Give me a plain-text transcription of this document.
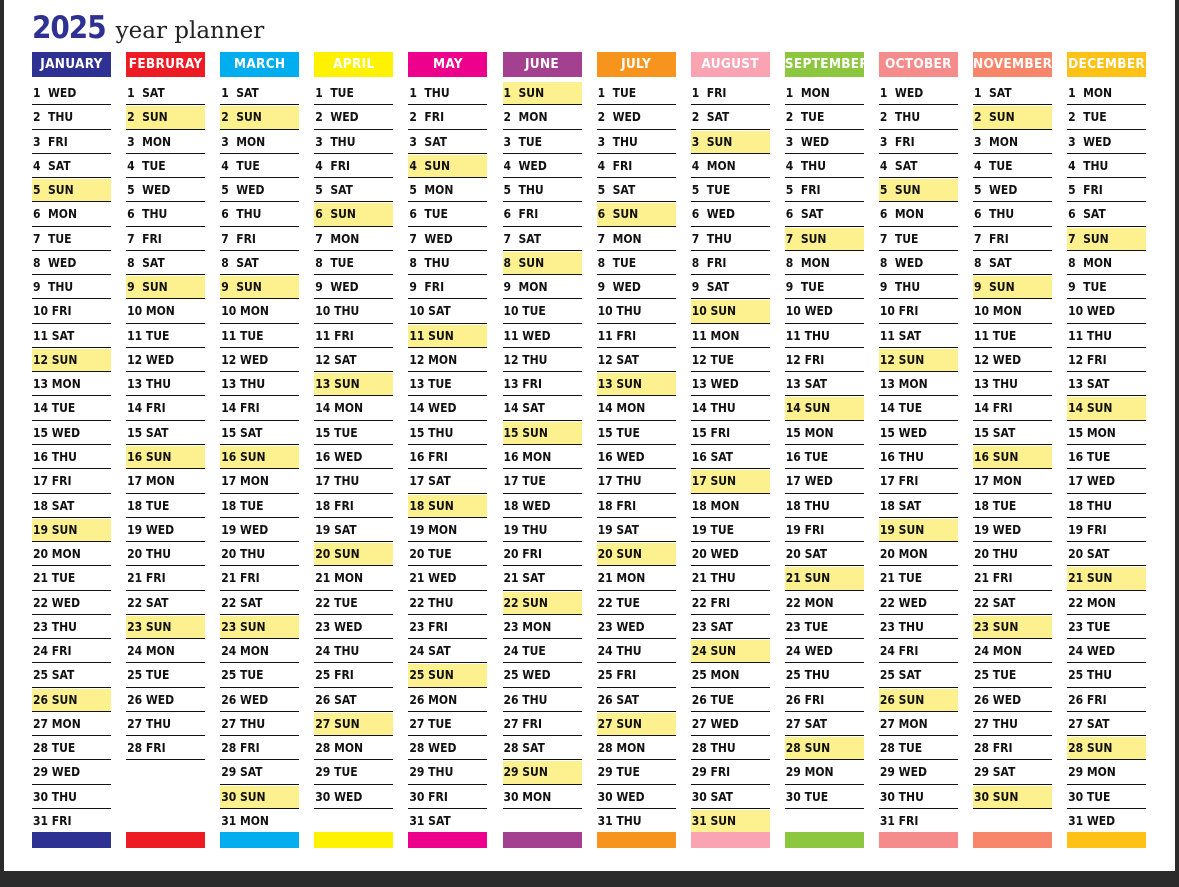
2025 year planner
JANUARY
1  WED
2  THU
3  FRI
4  SAT
5  SUN
6  MON
7  TUE
8  WED
9  THU
10 FRI
11 SAT
12 SUN
13 MON
14 TUE
15 WED
16 THU
17 FRI
18 SAT
19 SUN
20 MON
21 TUE
22 WED
23 THU
24 FRI
25 SAT
26 SUN
27 MON
28 TUE
29 WED
30 THU
31 FRI
FEBRURAY
1  SAT
2  SUN
3  MON
4  TUE
5  WED
6  THU
7  FRI
8  SAT
9  SUN
10 MON
11 TUE
12 WED
13 THU
14 FRI
15 SAT
16 SUN
17 MON
18 TUE
19 WED
20 THU
21 FRI
22 SAT
23 SUN
24 MON
25 TUE
26 WED
27 THU
28 FRI
MARCH
1  SAT
2  SUN
3  MON
4  TUE
5  WED
6  THU
7  FRI
8  SAT
9  SUN
10 MON
11 TUE
12 WED
13 THU
14 FRI
15 SAT
16 SUN
17 MON
18 TUE
19 WED
20 THU
21 FRI
22 SAT
23 SUN
24 MON
25 TUE
26 WED
27 THU
28 FRI
29 SAT
30 SUN
31 MON
APRIL
1  TUE
2  WED
3  THU
4  FRI
5  SAT
6  SUN
7  MON
8  TUE
9  WED
10 THU
11 FRI
12 SAT
13 SUN
14 MON
15 TUE
16 WED
17 THU
18 FRI
19 SAT
20 SUN
21 MON
22 TUE
23 WED
24 THU
25 FRI
26 SAT
27 SUN
28 MON
29 TUE
30 WED
MAY
1  THU
2  FRI
3  SAT
4  SUN
5  MON
6  TUE
7  WED
8  THU
9  FRI
10 SAT
11 SUN
12 MON
13 TUE
14 WED
15 THU
16 FRI
17 SAT
18 SUN
19 MON
20 TUE
21 WED
22 THU
23 FRI
24 SAT
25 SUN
26 MON
27 TUE
28 WED
29 THU
30 FRI
31 SAT
JUNE
1  SUN
2  MON
3  TUE
4  WED
5  THU
6  FRI
7  SAT
8  SUN
9  MON
10 TUE
11 WED
12 THU
13 FRI
14 SAT
15 SUN
16 MON
17 TUE
18 WED
19 THU
20 FRI
21 SAT
22 SUN
23 MON
24 TUE
25 WED
26 THU
27 FRI
28 SAT
29 SUN
30 MON
JULY
1  TUE
2  WED
3  THU
4  FRI
5  SAT
6  SUN
7  MON
8  TUE
9  WED
10 THU
11 FRI
12 SAT
13 SUN
14 MON
15 TUE
16 WED
17 THU
18 FRI
19 SAT
20 SUN
21 MON
22 TUE
23 WED
24 THU
25 FRI
26 SAT
27 SUN
28 MON
29 TUE
30 WED
31 THU
AUGUST
1  FRI
2  SAT
3  SUN
4  MON
5  TUE
6  WED
7  THU
8  FRI
9  SAT
10 SUN
11 MON
12 TUE
13 WED
14 THU
15 FRI
16 SAT
17 SUN
18 MON
19 TUE
20 WED
21 THU
22 FRI
23 SAT
24 SUN
25 MON
26 TUE
27 WED
28 THU
29 FRI
30 SAT
31 SUN
SEPTEMBER
1  MON
2  TUE
3  WED
4  THU
5  FRI
6  SAT
7  SUN
8  MON
9  TUE
10 WED
11 THU
12 FRI
13 SAT
14 SUN
15 MON
16 TUE
17 WED
18 THU
19 FRI
20 SAT
21 SUN
22 MON
23 TUE
24 WED
25 THU
26 FRI
27 SAT
28 SUN
29 MON
30 TUE
OCTOBER
1  WED
2  THU
3  FRI
4  SAT
5  SUN
6  MON
7  TUE
8  WED
9  THU
10 FRI
11 SAT
12 SUN
13 MON
14 TUE
15 WED
16 THU
17 FRI
18 SAT
19 SUN
20 MON
21 TUE
22 WED
23 THU
24 FRI
25 SAT
26 SUN
27 MON
28 TUE
29 WED
30 THU
31 FRI
NOVEMBER
1  SAT
2  SUN
3  MON
4  TUE
5  WED
6  THU
7  FRI
8  SAT
9  SUN
10 MON
11 TUE
12 WED
13 THU
14 FRI
15 SAT
16 SUN
17 MON
18 TUE
19 WED
20 THU
21 FRI
22 SAT
23 SUN
24 MON
25 TUE
26 WED
27 THU
28 FRI
29 SAT
30 SUN
DECEMBER
1  MON
2  TUE
3  WED
4  THU
5  FRI
6  SAT
7  SUN
8  MON
9  TUE
10 WED
11 THU
12 FRI
13 SAT
14 SUN
15 MON
16 TUE
17 WED
18 THU
19 FRI
20 SAT
21 SUN
22 MON
23 TUE
24 WED
25 THU
26 FRI
27 SAT
28 SUN
29 MON
30 TUE
31 WED
